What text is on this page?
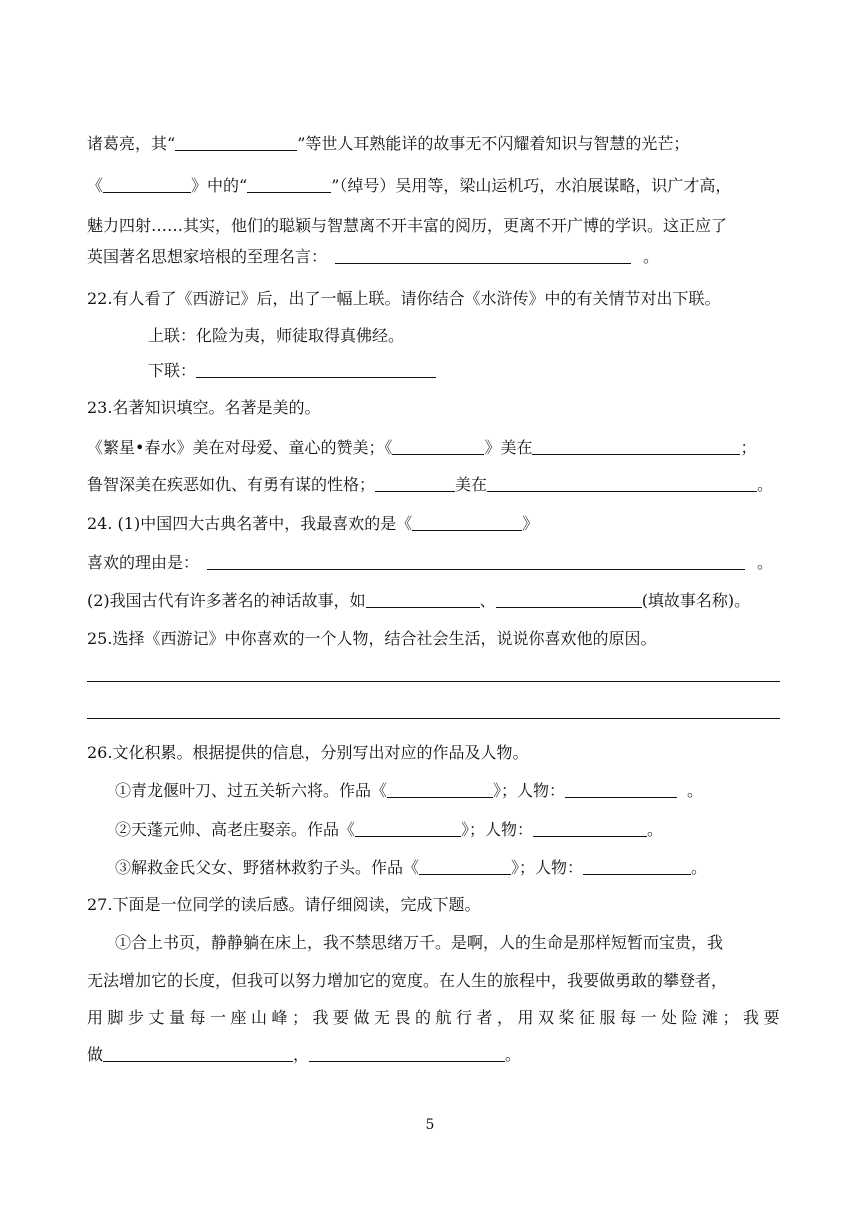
诸葛亮，其“	”等世人耳熟能详的故事无不闪耀着知识与智慧的光芒；
《	》中的“	”（绰号）吴用等，梁山运机巧，水泊展谋略，识广才高，
魅力四射……其实，他们的聪颖与智慧离不开丰富的阅历，更离不开广博的学识。这正应了
英国著名思想家培根的至理名言：	。
22.有人看了《西游记》后，出了一幅上联。请你结合《水浒传》中的有关情节对出下联。
上联：化险为夷，师徒取得真佛经。
下联：
23.名著知识填空。名著是美的。
《繁星•春水》美在对母爱、童心的赞美；《	》美在	；
鲁智深美在疾恶如仇、有勇有谋的性格；	美在	。
24. (1)中国四大古典名著中，我最喜欢的是《	》
喜欢的理由是：	。
(2)我国古代有许多著名的神话故事，如	、	(填故事名称)。
25.选择《西游记》中你喜欢的一个人物，结合社会生活，说说你喜欢他的原因。
26.文化积累。根据提供的信息，分别写出对应的作品及人物。
①青龙偃叶刀、过五关斩六将。作品《	》；人物：	。
②天蓬元帅、高老庄娶亲。作品《	》；人物：	。
③解救金氏父女、野猪林救豹子头。作品《	》；人物：	。
27.下面是一位同学的读后感。请仔细阅读，完成下题。
①合上书页，静静躺在床上，我不禁思绪万千。是啊，人的生命是那样短暂而宝贵，我
无法增加它的长度，但我可以努力增加它的宽度。在人生的旅程中，我要做勇敢的攀登者，
用 脚 步 丈 量 每 一 座 山 峰 ； 我 要 做 无 畏 的 航 行 者 ， 用 双 桨 征 服 每 一 处 险 滩 ； 我 要
做	，	。
5
